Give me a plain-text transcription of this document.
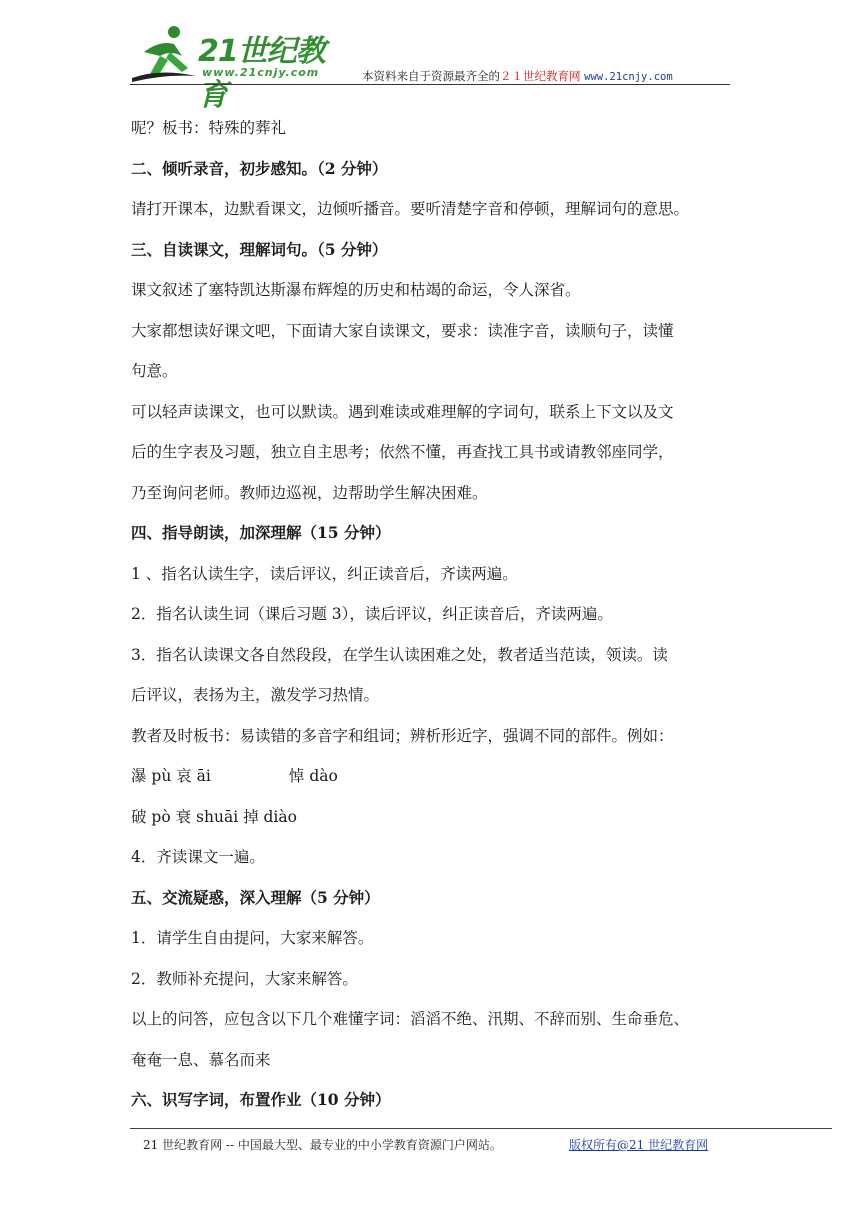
21世纪教育
www.21cnjy.com	本资料来自于资源最齐全的２１世纪教育网 www.21cnjy.com
呢？板书：特殊的葬礼
二、倾听录音，初步感知。（2 分钟）
请打开课本，边默看课文，边倾听播音。要听清楚字音和停顿，理解词句的意思。
三、自读课文，理解词句。（5 分钟）
课文叙述了塞特凯达斯瀑布辉煌的历史和枯竭的命运，令人深省。
大家都想读好课文吧，下面请大家自读课文，要求：读准字音，读顺句子，读懂
句意。
可以轻声读课文，也可以默读。遇到难读或难理解的字词句，联系上下文以及文
后的生字表及习题，独立自主思考；依然不懂，再查找工具书或请教邻座同学，
乃至询问老师。教师边巡视，边帮助学生解决困难。
四、指导朗读，加深理解（15 分钟）
1 、指名认读生字，读后评议，纠正读音后，齐读两遍。
2．指名认读生词（课后习题 3），读后评议，纠正读音后，齐读两遍。
3．指名认读课文各自然段段，在学生认读困难之处，教者适当范读，领读。读
后评议，表扬为主，激发学习热情。
教者及时板书：易读错的多音字和组词；辨析形近字，强调不同的部件。例如：
瀑 pù 哀 āi	悼 dào
破 pò 衰 shuāi 掉 diào
4．齐读课文一遍。
五、交流疑惑，深入理解（5 分钟）
1．请学生自由提问，大家来解答。
2．教师补充提问，大家来解答。
以上的问答，应包含以下几个难懂字词：滔滔不绝、汛期、不辞而别、生命垂危、
奄奄一息、慕名而来
六、识写字词，布置作业（10 分钟）
21 世纪教育网 -- 中国最大型、最专业的中小学教育资源门户网站。	版权所有@21 世纪教育网
